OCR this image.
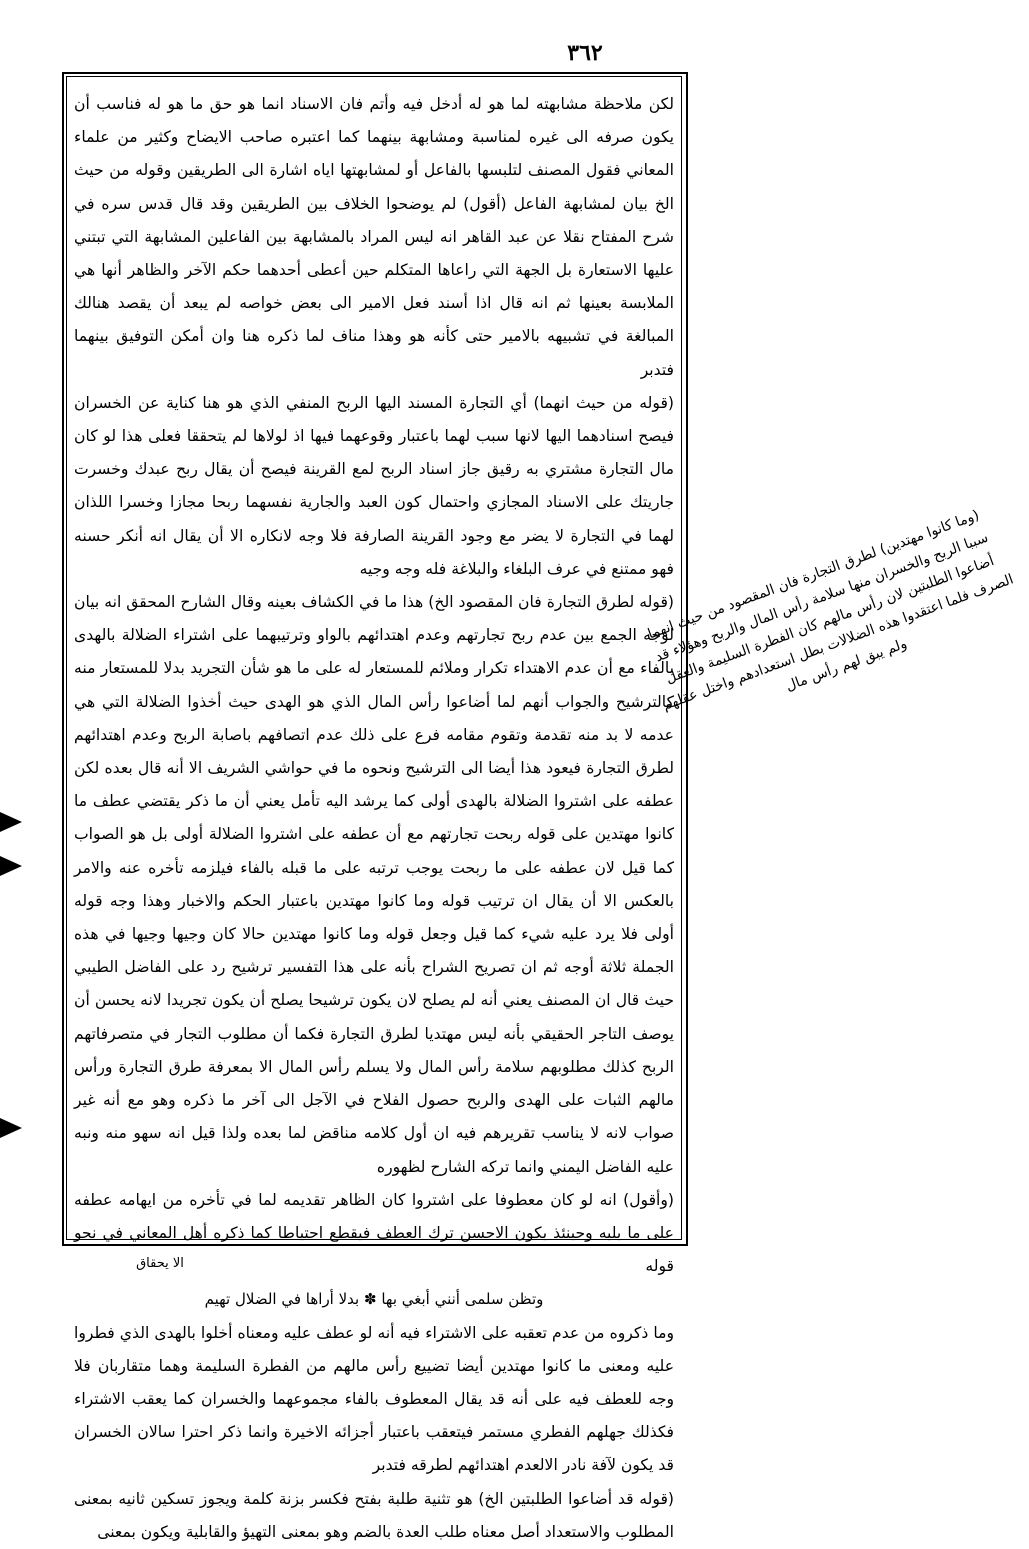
٣٦٢

لكن ملاحظة مشابهته لما هو له أدخل فيه وأتم فان الاسناد انما هو حق ما هو له فناسب أن يكون صرفه الى غيره لمناسبة ومشابهة بينهما كما اعتبره صاحب الايضاح وكثير من علماء المعاني فقول المصنف لتلبسها بالفاعل أو لمشابهتها اياه اشارة الى الطريقين وقوله من حيث الخ بيان لمشابهة الفاعل (أقول) لم يوضحوا الخلاف بين الطريقين وقد قال قدس سره في شرح المفتاح نقلا عن عبد القاهر انه ليس المراد بالمشابهة بين الفاعلين المشابهة التي تبتني عليها الاستعارة بل الجهة التي راعاها المتكلم حين أعطى أحدهما حكم الآخر والظاهر أنها هي الملابسة بعينها ثم انه قال اذا أسند فعل الامير الى بعض خواصه لم يبعد أن يقصد هنالك المبالغة في تشبيهه بالامير حتى كأنه هو وهذا مناف لما ذكره هنا وان أمكن التوفيق بينهما فتدبر

(قوله من حيث انهما) أي التجارة المسند اليها الربح المنفي الذي هو هنا كناية عن الخسران فيصح اسنادهما اليها لانها سبب لهما باعتبار وقوعهما فيها اذ لولاها لم يتحققا فعلى هذا لو كان مال التجارة مشتري به رقيق جاز اسناد الربح لمع القرينة فيصح أن يقال ربح عبدك وخسرت جاريتك على الاسناد المجازي واحتمال كون العبد والجارية نفسهما ربحا مجازا وخسرا اللذان لهما في التجارة لا يضر مع وجود القرينة الصارفة فلا وجه لانكاره الا أن يقال انه أنكر حسنه فهو ممتنع في عرف البلغاء والبلاغة فله وجه وجيه

(قوله لطرق التجارة فان المقصود الخ) هذا ما في الكشاف بعينه وقال الشارح المحقق انه بيان لوجه الجمع بين عدم ربح تجارتهم وعدم اهتدائهم بالواو وترتيبهما على اشتراء الضلالة بالهدى بالفاء مع أن عدم الاهتداء تكرار وملائم للمستعار له على ما هو شأن التجريد بدلا للمستعار منه كالترشيح والجواب أنهم لما أضاعوا رأس المال الذي هو الهدى حيث أخذوا الضلالة التي هي عدمه لا بد منه تقدمة وتقوم مقامه فرع على ذلك عدم اتصافهم باصابة الربح وعدم اهتدائهم لطرق التجارة فيعود هذا أيضا الى الترشيح ونحوه ما في حواشي الشريف الا أنه قال بعده لكن عطفه على اشتروا الضلالة بالهدى أولى كما يرشد اليه تأمل يعني أن ما ذكر يقتضي عطف ما كانوا مهتدين على قوله ربحت تجارتهم مع أن عطفه على اشتروا الضلالة أولى بل هو الصواب كما قيل لان عطفه على ما ربحت يوجب ترتبه على ما قبله بالفاء فيلزمه تأخره عنه والامر بالعكس الا أن يقال ان ترتيب قوله وما كانوا مهتدين باعتبار الحكم والاخبار وهذا وجه قوله أولى فلا يرد عليه شيء كما قيل وجعل قوله وما كانوا مهتدين حالا كان وجيها وجيها في هذه الجملة ثلاثة أوجه ثم ان تصريح الشراح بأنه على هذا التفسير ترشيح رد على الفاضل الطيبي حيث قال ان المصنف يعني أنه لم يصلح لان يكون ترشيحا يصلح أن يكون تجريدا لانه يحسن أن يوصف التاجر الحقيقي بأنه ليس مهتديا لطرق التجارة فكما أن مطلوب التجار في متصرفاتهم الربح كذلك مطلوبهم سلامة رأس المال ولا يسلم رأس المال الا بمعرفة طرق التجارة ورأس مالهم الثبات على الهدى والربح حصول الفلاح في الآجل الى آخر ما ذكره وهو مع أنه غير صواب لانه لا يناسب تقريرهم فيه ان أول كلامه مناقض لما بعده ولذا قيل انه سهو منه ونبه عليه الفاضل اليمني وانما تركه الشارح لظهوره

(وأقول) انه لو كان معطوفا على اشتروا كان الظاهر تقديمه لما في تأخره من ايهامه عطفه على ما يليه وحينئذ يكون الاحسن ترك العطف فيقطع احتياطا كما ذكره أهل المعاني في نحو قوله

وتظن سلمى أنني أبغي بها ✽ بدلا أراها في الضلال تهيم

وما ذكروه من عدم تعقبه على الاشتراء فيه أنه لو عطف عليه ومعناه أخلوا بالهدى الذي فطروا عليه ومعنى ما كانوا مهتدين أيضا تضييع رأس مالهم من الفطرة السليمة وهما متقاربان فلا وجه للعطف فيه على أنه قد يقال المعطوف بالفاء مجموعهما والخسران كما يعقب الاشتراء فكذلك جهلهم الفطري مستمر فيتعقب باعتبار أجزائه الاخيرة وانما ذكر احترا سالان الخسران قد يكون لآفة نادر الالعدم اهتدائهم لطرقه فتدبر

(قوله قد أضاعوا الطلبتين الخ) هو تثنية طلبة بفتح فكسر بزنة كلمة ويجوز تسكين ثانيه بمعنى المطلوب والاستعداد أصل معناه طلب العدة بالضم وهو بمعنى التهيؤ والقابلية ويكون بمعنى

(وما كانوا مهتدين) لطرق التجارة فان المقصود من حيث انهما سببا الربح والخسران منها سلامة رأس المال والربح وهؤلاء قد أضاعوا الطلبتين لان رأس مالهم كان الفطرة السليمة والعقل الصرف فلما اعتقدوا هذه الضلالات بطل استعدادهم واختل عقلهم ولم يبق لهم رأس مال
الا يحقاق
